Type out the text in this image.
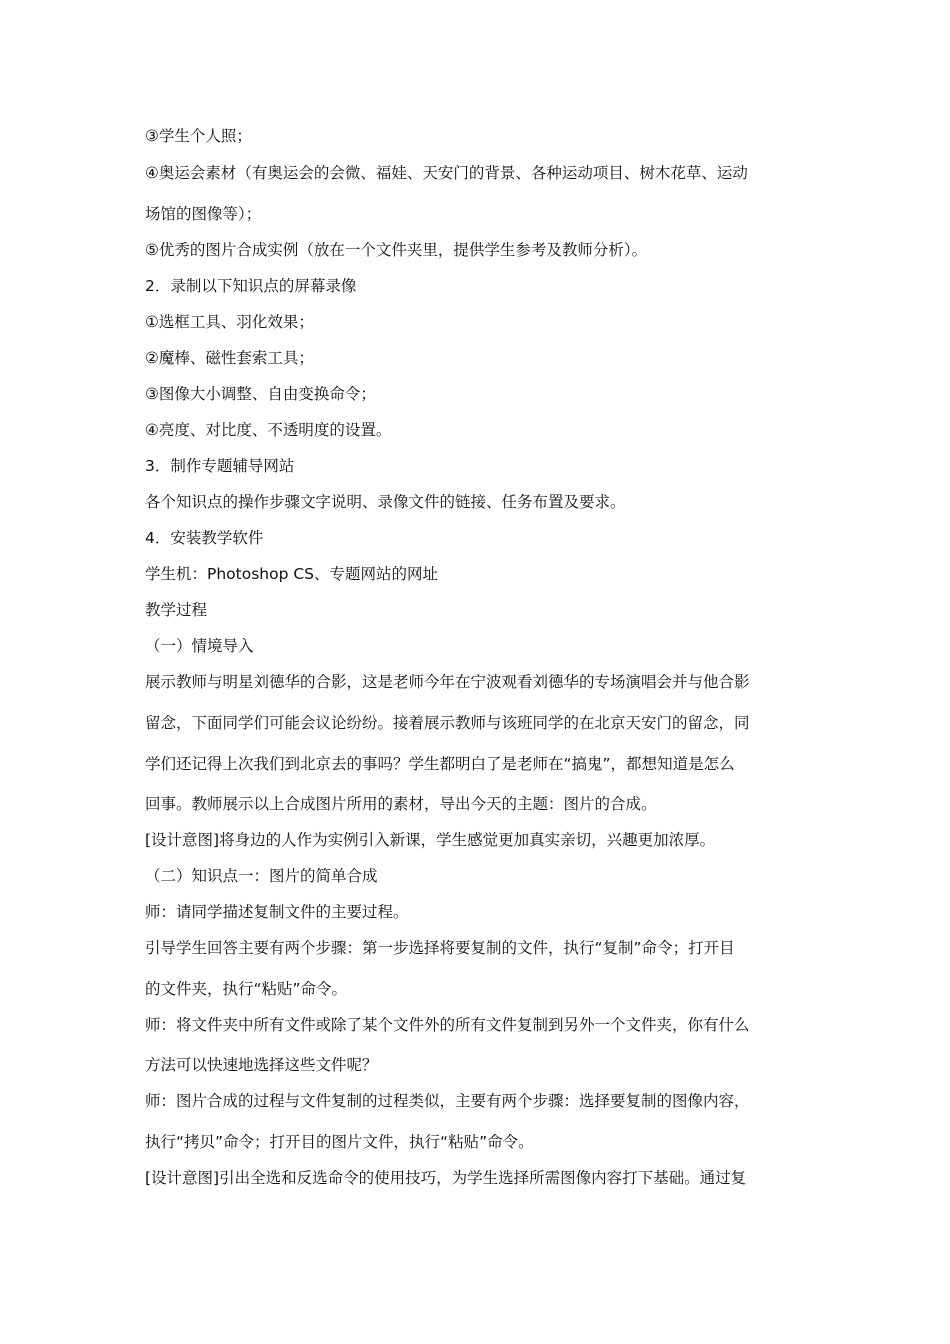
③学生个人照；
④奥运会素材（有奥运会的会微、福娃、天安门的背景、各种运动项目、树木花草、运动
场馆的图像等）；
⑤优秀的图片合成实例（放在一个文件夹里，提供学生参考及教师分析）。
2．录制以下知识点的屏幕录像
①选框工具、羽化效果；
②魔棒、磁性套索工具；
③图像大小调整、自由变换命令；
④亮度、对比度、不透明度的设置。
3．制作专题辅导网站
各个知识点的操作步骤文字说明、录像文件的链接、任务布置及要求。
4．安装教学软件
学生机：Photoshop CS、专题网站的网址
教学过程
（一）情境导入
展示教师与明星刘德华的合影，这是老师今年在宁波观看刘德华的专场演唱会并与他合影
留念，下面同学们可能会议论纷纷。接着展示教师与该班同学的在北京天安门的留念，同
学们还记得上次我们到北京去的事吗？学生都明白了是老师在“搞鬼”，都想知道是怎么
回事。教师展示以上合成图片所用的素材，导出今天的主题：图片的合成。
[设计意图]将身边的人作为实例引入新课，学生感觉更加真实亲切，兴趣更加浓厚。
（二）知识点一：图片的简单合成
师：请同学描述复制文件的主要过程。
引导学生回答主要有两个步骤：第一步选择将要复制的文件，执行“复制”命令；打开目
的文件夹，执行“粘贴”命令。
师：将文件夹中所有文件或除了某个文件外的所有文件复制到另外一个文件夹，你有什么
方法可以快速地选择这些文件呢？
师：图片合成的过程与文件复制的过程类似，主要有两个步骤：选择要复制的图像内容，
执行“拷贝”命令；打开目的图片文件，执行“粘贴”命令。
[设计意图]引出全选和反选命令的使用技巧，为学生选择所需图像内容打下基础。通过复
